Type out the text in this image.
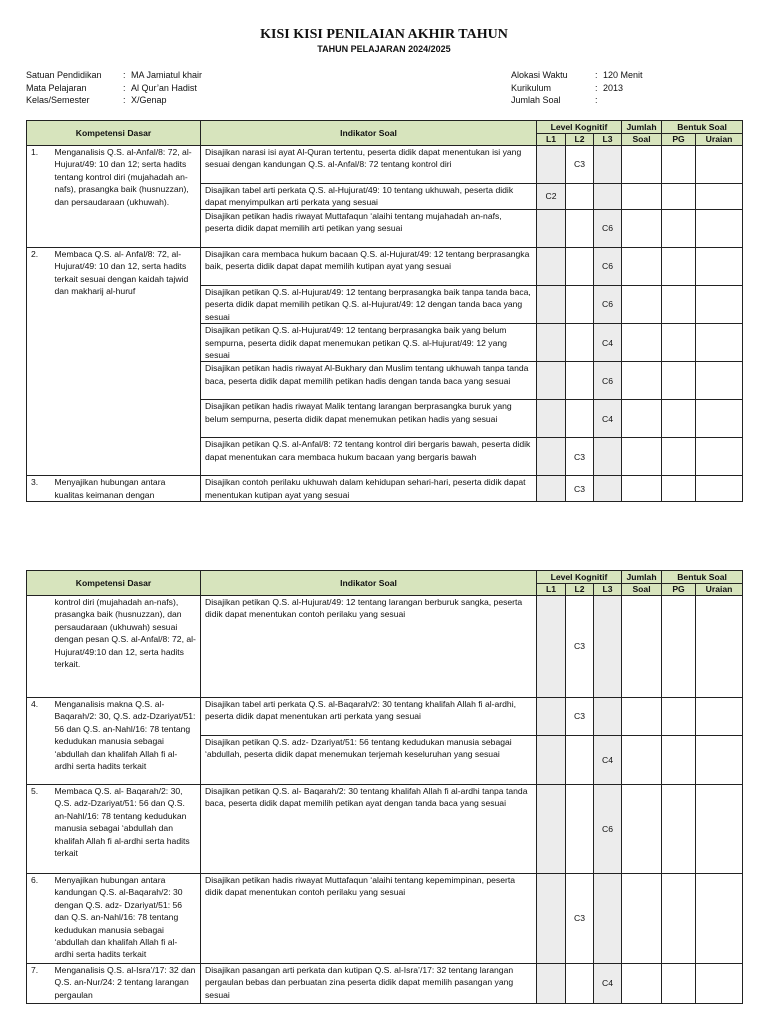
KISI KISI PENILAIAN AKHIR TAHUN
TAHUN PELAJARAN 2024/2025
Satuan Pendidikan	: MA Jamiatul khair
Mata Pelajaran	: Al Qur’an Hadist
Kelas/Semester	: X/Genap
Alokasi Waktu	: 120 Menit
Kurikulum	: 2013
Jumlah Soal	:
Kompetensi Dasar		Indikator Soal	Level Kognitif			Jumlah	Bentuk Soal	
			L1	L2	L3	Soal	PG	Uraian
1.	Menganalisis Q.S. al-Anfal/8: 72, al- Hujurat/49: 10 dan 12; serta hadits tentang kontrol diri (mujahadah an-nafs), prasangka baik (husnuzzan), dan persaudaraan (ukhuwah).	Disajikan narasi isi ayat Al-Quran tertentu, peserta didik dapat menentukan isi yang sesuai dengan kandungan Q.S. al-Anfal/8: 72 tentang kontrol diri		C3				
		Disajikan tabel arti perkata Q.S. al-Hujurat/49: 10 tentang ukhuwah, peserta didik dapat menyimpulkan arti perkata yang sesuai	C2					
		Disajikan petikan hadis riwayat Muttafaqun ‘alaihi tentang mujahadah an-nafs, peserta didik dapat memilih arti petikan yang sesuai			C6			
2.	Membaca Q.S. al- Anfal/8: 72, al- Hujurat/49: 10 dan 12, serta hadits terkait sesuai dengan kaidah tajwid dan makharij al-huruf	Disajikan cara membaca hukum bacaan Q.S. al-Hujurat/49: 12 tentang berprasangka baik, peserta didik dapat dapat memilih kutipan ayat yang sesuai			C6			
		Disajikan petikan Q.S. al-Hujurat/49: 12 tentang berprasangka baik tanpa tanda baca, peserta didik dapat memilih petikan Q.S. al-Hujurat/49: 12 dengan tanda baca yang sesuai			C6			
		Disajikan petikan Q.S. al-Hujurat/49: 12 tentang berprasangka baik yang belum sempurna, peserta didik dapat menemukan petikan Q.S. al-Hujurat/49: 12 yang sesuai			C4			
		Disajikan petikan hadis riwayat Al-Bukhary dan Muslim tentang ukhuwah tanpa tanda baca, peserta didik dapat memilih petikan hadis dengan tanda baca yang sesuai			C6			
		Disajikan petikan hadis riwayat Malik tentang larangan berprasangka buruk yang belum sempurna, peserta didik dapat menemukan petikan hadis yang sesuai			C4			
		Disajikan petikan Q.S. al-Anfal/8: 72 tentang kontrol diri bergaris bawah, peserta didik dapat menentukan cara membaca hukum bacaan yang bergaris bawah		C3				
3.	Menyajikan hubungan antara kualitas keimanan dengan	Disajikan contoh perilaku ukhuwah dalam kehidupan sehari-hari, peserta didik dapat menentukan kutipan ayat yang sesuai		C3				
Kompetensi Dasar		Indikator Soal	Level Kognitif			Jumlah	Bentuk Soal	
			L1	L2	L3	Soal	PG	Uraian
	kontrol diri (mujahadah an-nafs), prasangka baik (husnuzzan), dan persaudaraan (ukhuwah) sesuai dengan pesan Q.S. al-Anfal/8: 72, al-Hujurat/49:10 dan 12, serta hadits terkait.	Disajikan petikan Q.S. al-Hujurat/49: 12 tentang larangan berburuk sangka, peserta didik dapat menentukan contoh perilaku yang sesuai		C3				
4.	Menganalisis makna Q.S. al-Baqarah/2: 30, Q.S. adz-Dzariyat/51: 56 dan Q.S. an-Nahl/16: 78 tentang kedudukan manusia sebagai ‘abdullah dan khalifah Allah fi al-ardhi serta hadits terkait	Disajikan tabel arti perkata Q.S. al-Baqarah/2: 30 tentang khalifah Allah fi al-ardhi, peserta didik dapat menentukan arti perkata yang sesuai		C3				
		Disajikan petikan Q.S. adz- Dzariyat/51: 56 tentang kedudukan manusia sebagai ‘abdullah, peserta didik dapat menemukan terjemah keseluruhan yang sesuai			C4			
5.	Membaca Q.S. al- Baqarah/2: 30, Q.S. adz-Dzariyat/51: 56 dan Q.S. an-Nahl/16: 78 tentang kedudukan manusia sebagai ‘abdullah dan khalifah Allah fi al-ardhi serta hadits terkait	Disajikan petikan Q.S. al- Baqarah/2: 30 tentang khalifah Allah fi al-ardhi tanpa tanda baca, peserta didik dapat memilih petikan ayat dengan tanda baca yang sesuai			C6			
6.	Menyajikan hubungan antara kandungan Q.S. al-Baqarah/2: 30 dengan Q.S. adz- Dzariyat/51: 56 dan Q.S. an-Nahl/16: 78 tentang kedudukan manusia sebagai ‘abdullah dan khalifah Allah fi al-ardhi serta hadits terkait	Disajikan petikan hadis riwayat Muttafaqun ‘alaihi tentang kepemimpinan, peserta didik dapat menentukan contoh perilaku yang sesuai		C3				
7.	Menganalisis Q.S. al-Isra’/17: 32 dan Q.S. an-Nur/24: 2 tentang larangan pergaulan	Disajikan pasangan arti perkata dan kutipan Q.S. al-Isra’/17: 32 tentang larangan pergaulan bebas dan perbuatan zina peserta didik dapat memilih pasangan yang sesuai			C4			
